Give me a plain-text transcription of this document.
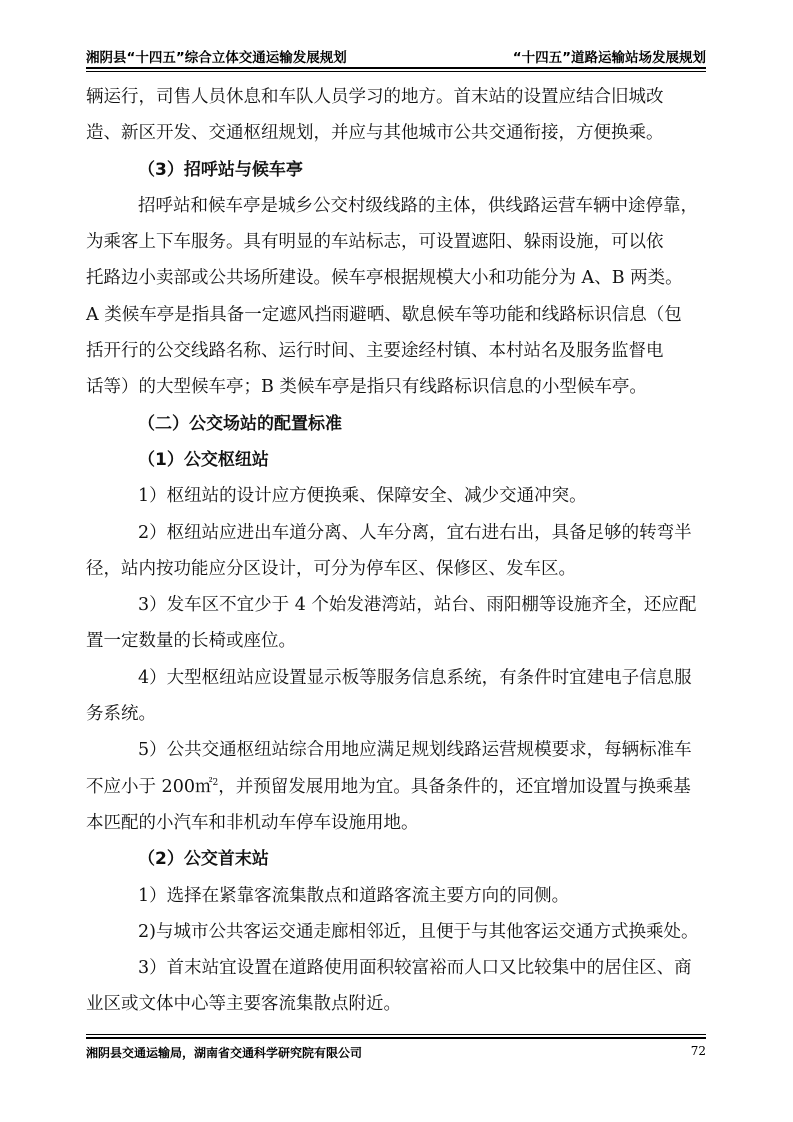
湘阴县“十四五”综合立体交通运输发展规划	“十四五”道路运输站场发展规划

辆运行，司售人员休息和车队人员学习的地方。首末站的设置应结合旧城改

造、新区开发、交通枢纽规划，并应与其他城市公共交通衔接，方便换乘。

（3）招呼站与候车亭

招呼站和候车亭是城乡公交村级线路的主体，供线路运营车辆中途停靠，

为乘客上下车服务。具有明显的车站标志，可设置遮阳、躲雨设施，可以依

托路边小卖部或公共场所建设。候车亭根据规模大小和功能分为 A、B 两类。

A 类候车亭是指具备一定遮风挡雨避晒、歇息候车等功能和线路标识信息（包

括开行的公交线路名称、运行时间、主要途经村镇、本村站名及服务监督电

话等）的大型候车亭；B 类候车亭是指只有线路标识信息的小型候车亭。

（二）公交场站的配置标准

（1）公交枢纽站

1）枢纽站的设计应方便换乘、保障安全、减少交通冲突。

2）枢纽站应进出车道分离、人车分离，宜右进右出，具备足够的转弯半

径，站内按功能应分区设计，可分为停车区、保修区、发车区。

3）发车区不宜少于 4 个始发港湾站，站台、雨阳棚等设施齐全，还应配

置一定数量的长椅或座位。

4）大型枢纽站应设置显示板等服务信息系统，有条件时宜建电子信息服

务系统。

5）公共交通枢纽站综合用地应满足规划线路运营规模要求，每辆标准车

不应小于 200㎡$^2$，并预留发展用地为宜。具备条件的，还宜增加设置与换乘基

本匹配的小汽车和非机动车停车设施用地。

（2）公交首末站

1）选择在紧靠客流集散点和道路客流主要方向的同侧。

2)与城市公共客运交通走廊相邻近，且便于与其他客运交通方式换乘处。

3）首末站宜设置在道路使用面积较富裕而人口又比较集中的居住区、商

业区或文体中心等主要客流集散点附近。

湘阴县交通运输局，湖南省交通科学研究院有限公司	72
